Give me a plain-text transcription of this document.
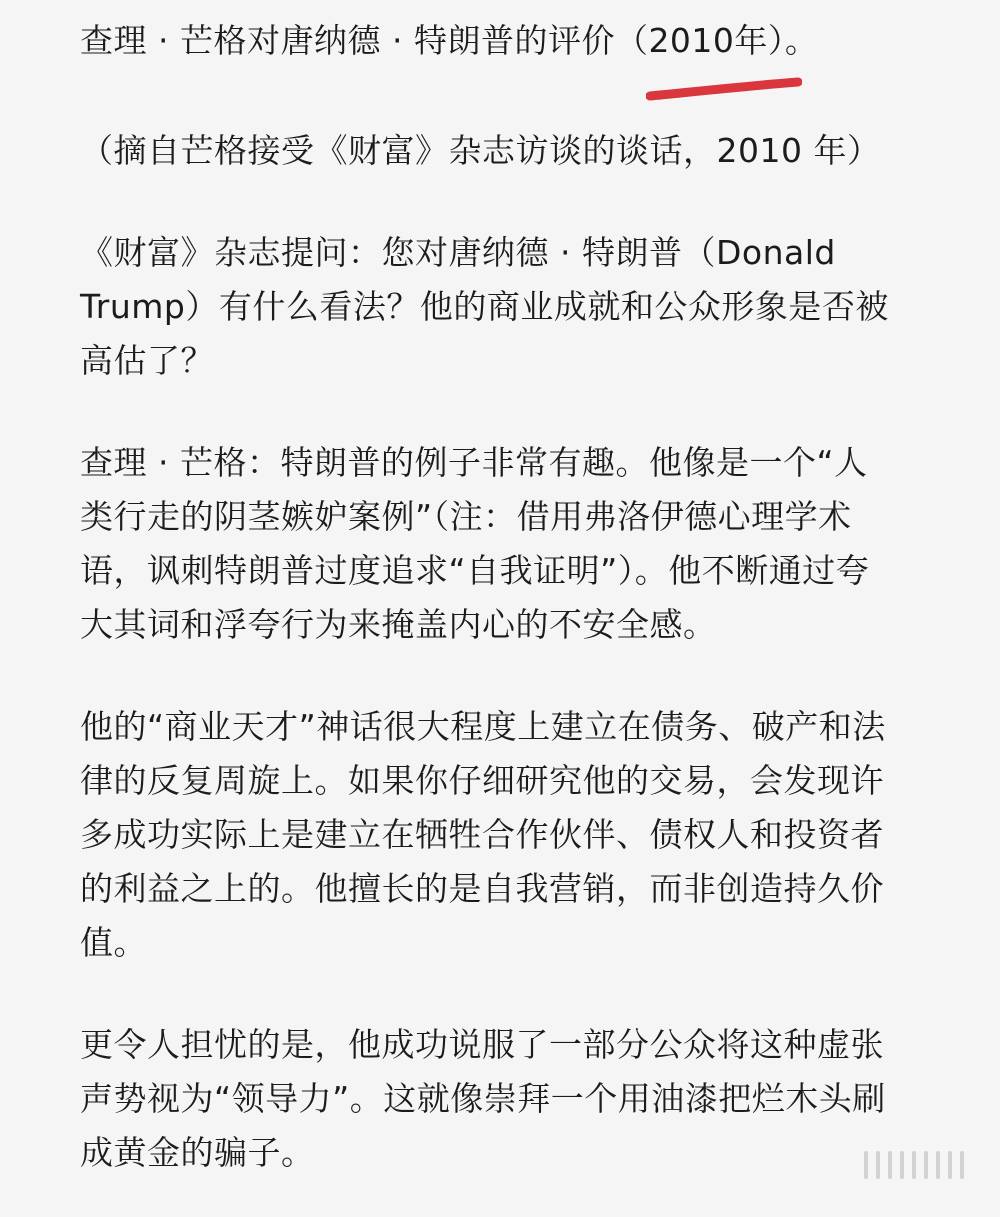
查理 · 芒格对唐纳德 · 特朗普的评价（2010年）。

（摘自芒格接受《财富》杂志访谈的谈话，2010 年）

《财富》杂志提问：您对唐纳德 · 特朗普（Donald
Trump）有什么看法？他的商业成就和公众形象是否被
高估了？

查理 · 芒格：特朗普的例子非常有趣。他像是一个“人
类行走的阴茎嫉妒案例”（注：借用弗洛伊德心理学术
语，讽刺特朗普过度追求“自我证明”）。他不断通过夸
大其词和浮夸行为来掩盖内心的不安全感。

他的“商业天才”神话很大程度上建立在债务、破产和法
律的反复周旋上。如果你仔细研究他的交易，会发现许
多成功实际上是建立在牺牲合作伙伴、债权人和投资者
的利益之上的。他擅长的是自我营销，而非创造持久价
值。

更令人担忧的是，他成功说服了一部分公众将这种虚张
声势视为“领导力”。这就像崇拜一个用油漆把烂木头刷
成黄金的骗子。
